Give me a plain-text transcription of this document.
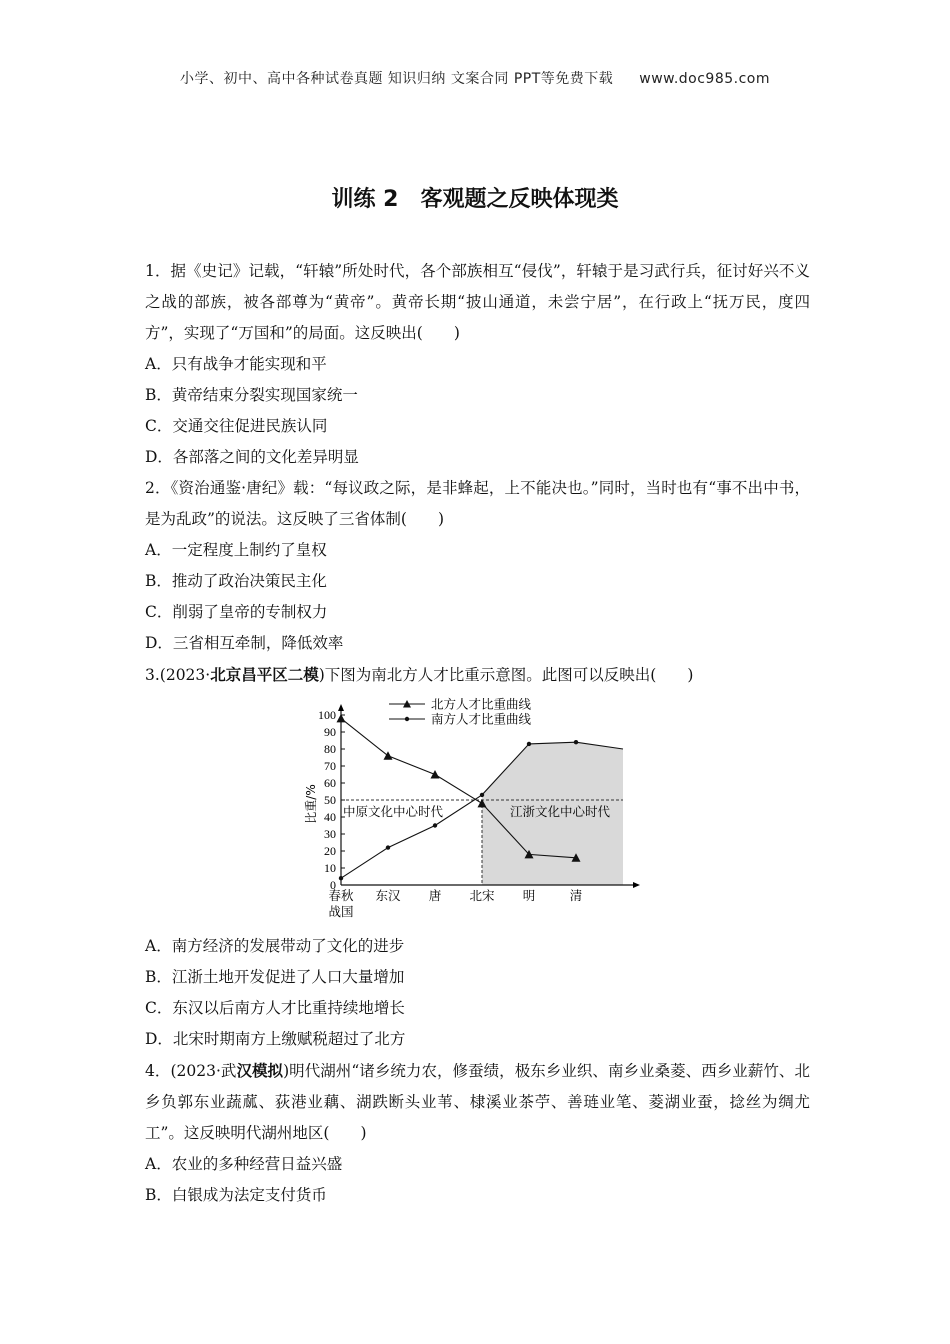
小学、初中、高中各种试卷真题 知识归纳 文案合同 PPT等免费下载 www.doc985.com
训练 2　客观题之反映体现类

1．据《史记》记载，“轩辕”所处时代，各个部族相互“侵伐”，轩辕于是习武行兵，征讨好兴不义之战的部族，被各部尊为“黄帝”。黄帝长期“披山通道，未尝宁居”，在行政上“抚万民，度四方”，实现了“万国和”的局面。这反映出(　　)

A．只有战争才能实现和平

B．黄帝结束分裂实现国家统一

C．交通交往促进民族认同

D．各部落之间的文化差异明显

2．《资治通鉴·唐纪》载：“每议政之际，是非蜂起，上不能决也。”同时，当时也有“事不出中书，是为乱政”的说法。这反映了三省体制(　　)

A．一定程度上制约了皇权

B．推动了政治决策民主化

C．削弱了皇帝的专制权力

D．三省相互牵制，降低效率

3.(2023·北京昌平区二模)下图为南北方人才比重示意图。此图可以反映出(　　)

0
10
20
30
40
50
60
70
80
90
100
比重/%
春秋
战国
东汉 唐 北宋 明	清
中原文化中心时代	江浙文化中心时代
北方人才比重曲线
南方人才比重曲线

A．南方经济的发展带动了文化的进步

B．江浙土地开发促进了人口大量增加

C．东汉以后南方人才比重持续地增长

D．北宋时期南方上缴赋税超过了北方

4．(2023·武汉模拟)明代湖州“诸乡统力农，修蚕绩，极东乡业织、南乡业桑菱、西乡业薪竹、北乡负郭东业蔬蓏、荻港业藕、湖跌断头业苇、棣溪业茶苧、善琏业笔、菱湖业蚕，捻丝为绸尤工”。这反映明代湖州地区(　　)

A．农业的多种经营日益兴盛

B．白银成为法定支付货币
